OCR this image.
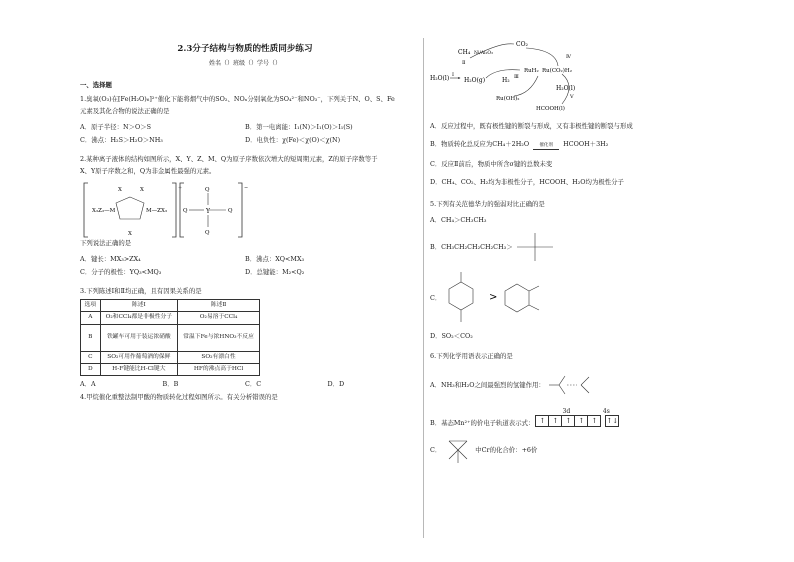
2.3分子结构与物质的性质同步练习
姓名（）班级（）学号（）
一、选择题
1.臭氧(O₃)在[Fe(H₂O)₆]²⁺催化下能将烟气中的SO₂、NOₓ分别氧化为SO₄²⁻和NO₃⁻，下列关于N、O、S、Fe
元素及其化合物的说法正确的是
A．原子半径：N＞O＞S	B．第一电离能：I₁(N)＞I₁(O)＞I₁(S)
C．沸点：H₂S＞H₂O＞NH₃	D．电负性：χ(Fe)＜χ(O)＜χ(N)
2.某种离子液体的结构如图所示，X、Y、Z、M、Q为原子序数依次增大的短周期元素，Z的原子序数等于
X、Y原子序数之和，Q为非金属性最强的元素。
+	−
X	X
X₃Z₂—M	M—ZX₃
X
Y
Q
Q	Q
Q
下列说法正确的是
A．键长：MX₃>ZX₄	B．沸点：XQ<MX₃
C．分子的极性：YQ₃<MQ₃	D．总键能：M₂<Q₂
3.下列陈述Ⅰ和Ⅱ均正确，且有因果关系的是
选项	陈述Ⅰ	陈述Ⅱ
A	O₂和CCl₄都是非极性分子	O₂易溶于CCl₄
B	铁罐车可用于装运浓硝酸	常温下Fe与浓HNO₃不反应
C	SO₂可用作葡萄酒的保鲜	SO₂有漂白性
D	H-F键能比H-Cl键大	HF的沸点高于HCl
A．A	B．B	C．C	D．D
4.甲烷催化重整法制甲酸的物质转化过程如图所示。有关分析错误的是
CH₄ Ni/Al₂O₃
CO₂
H₂O(l) H₂O(g)
RuH₂ Ru(CO₂)H₂
H₂
H₂O(l)
Ru(OH)₂
HCOOH(l)
Ⅰ
Ⅱ
Ⅲ
Ⅳ
Ⅴ
A．反应过程中，既有极性键的断裂与形成，又有非极性键的断裂与形成
B．物质转化总反应为CH₄＋2H₂O 催化剂 HCOOH＋3H₂
C．反应Ⅱ前后，物质中所含σ键的总数未变
D．CH₄、CO₂、H₂均为非极性分子，HCOOH、H₂O均为极性分子
5.下列有关范德华力的强弱对比正确的是
A．CH₄＞CH₃CH₃
B．CH₃CH₂CH₂CH₂CH₃＞
C．	>
D．SO₂＜CO₂
6.下列化学用语表示正确的是
A．NH₃和H₂O之间最强烈的氢键作用：
B．基态Mn²⁺的价电子轨道表示式：
3d	4s
↑	↑	↑	↑	↑	↑↓
C．	中Cr的化合价：+6价
